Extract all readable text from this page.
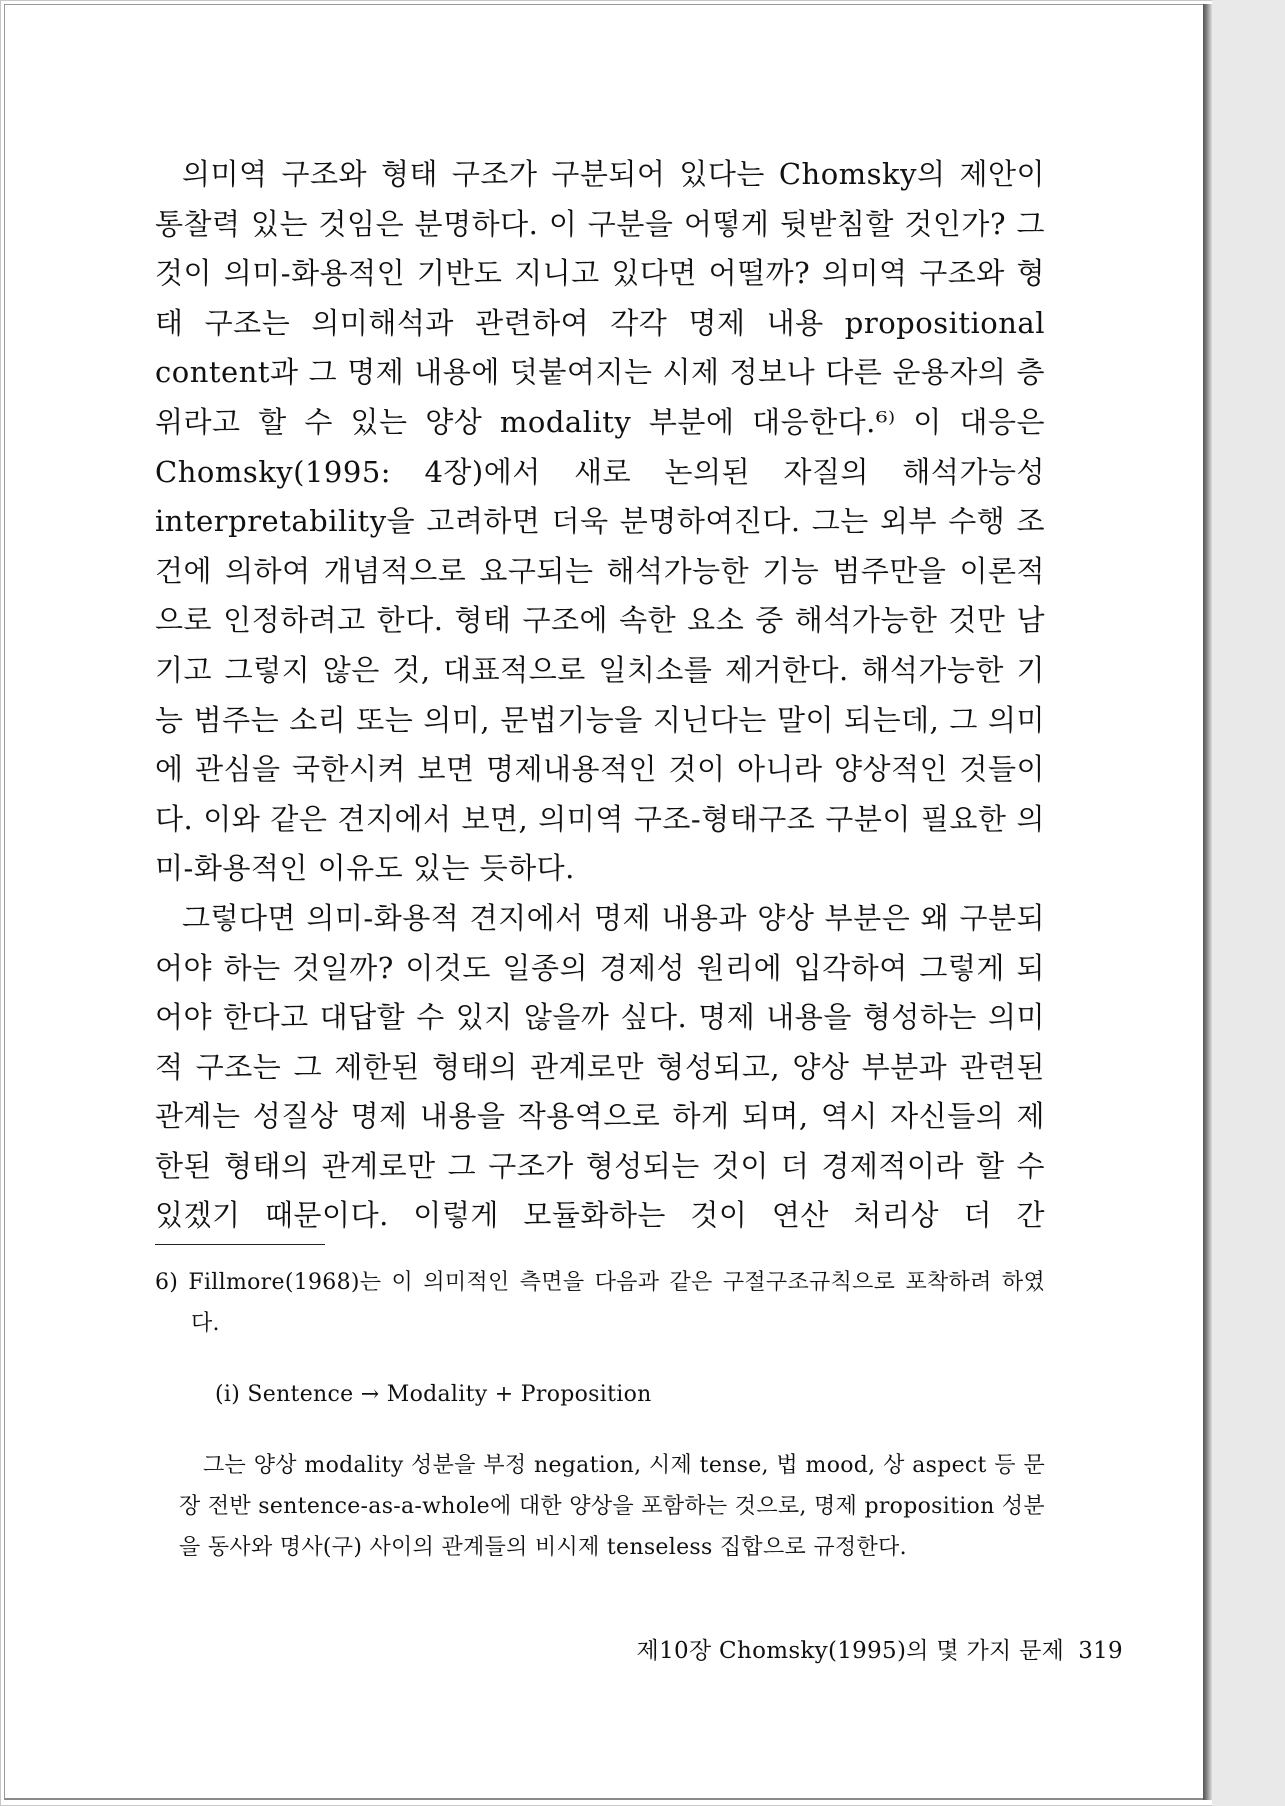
의미역 구조와 형태 구조가 구분되어 있다는 Chomsky의 제안이 통찰력 있는 것임은 분명하다. 이 구분을 어떻게 뒷받침할 것인가? 그것이 의미-화용적인 기반도 지니고 있다면 어떨까? 의미역 구조와 형태 구조는 의미해석과 관련하여 각각 명제 내용 propositional content과 그 명제 내용에 덧붙여지는 시제 정보나 다른 운용자의 층위라고 할 수 있는 양상 modality 부분에 대응한다.⁶⁾ 이 대응은 Chomsky(1995: 4장)에서 새로 논의된 자질의 해석가능성 interpretability을 고려하면 더욱 분명하여진다. 그는 외부 수행 조건에 의하여 개념적으로 요구되는 해석가능한 기능 범주만을 이론적으로 인정하려고 한다. 형태 구조에 속한 요소 중 해석가능한 것만 남기고 그렇지 않은 것, 대표적으로 일치소를 제거한다. 해석가능한 기능 범주는 소리 또는 의미, 문법기능을 지닌다는 말이 되는데, 그 의미에 관심을 국한시켜 보면 명제내용적인 것이 아니라 양상적인 것들이다. 이와 같은 견지에서 보면, 의미역 구조-형태구조 구분이 필요한 의미-화용적인 이유도 있는 듯하다.

그렇다면 의미-화용적 견지에서 명제 내용과 양상 부분은 왜 구분되어야 하는 것일까? 이것도 일종의 경제성 원리에 입각하여 그렇게 되어야 한다고 대답할 수 있지 않을까 싶다. 명제 내용을 형성하는 의미적 구조는 그 제한된 형태의 관계로만 형성되고, 양상 부분과 관련된 관계는 성질상 명제 내용을 작용역으로 하게 되며, 역시 자신들의 제한된 형태의 관계로만 그 구조가 형성되는 것이 더 경제적이라 할 수 있겠기 때문이다. 이렇게 모듈화하는 것이 연산 처리상 더 간

6) Fillmore(1968)는 이 의미적인 측면을 다음과 같은 구절구조규칙으로 포착하려 하였다.
(i) Sentence → Modality + Proposition
그는 양상 modality 성분을 부정 negation, 시제 tense, 법 mood, 상 aspect 등 문장 전반 sentence-as-a-whole에 대한 양상을 포함하는 것으로, 명제 proposition 성분을 동사와 명사(구) 사이의 관계들의 비시제 tenseless 집합으로 규정한다.
제10장 Chomsky(1995)의 몇 가지 문제 319
